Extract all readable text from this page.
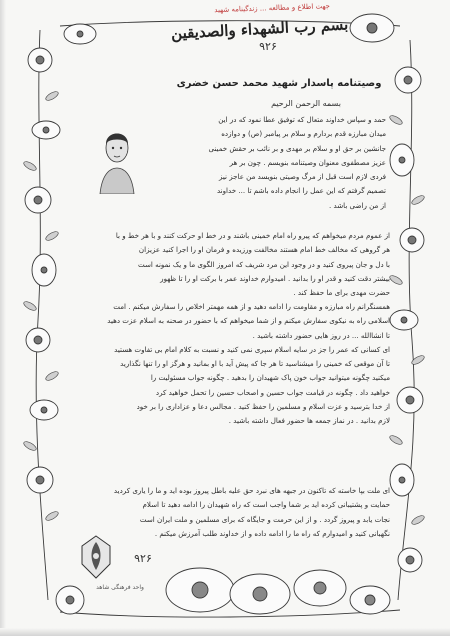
جهت اطلاع و مطالعه ... زندگینامه شهید
بسم رب الشهداء والصدیقین
۹۲۶
وصیتنامه پاسدار شهید محمد حسن خضری
بسمه الرحمن الرحیم
حمد و سپاس خداوند متعال که توفیق عطا نمود که در این
میدان مبارزه قدم بردارم و سلام بر پیامبر (ص) و دوازده
جانشین بر حق او و سلام بر مهدی و بر نائب بر حقش خمینی
عزیز مصطفوی معنوان وصیتنامه بنویسم . چون بر هر
فردی لازم است قبل از مرگ وصیتی بنویسد من عاجز نیز
تصمیم گرفتم که این عمل را انجام داده باشم تا ... خداوند
از من راضی باشد .
از عموم مردم میخواهم که پیرو راه امام خمینی باشند و در خط او حرکت کنند و با هر خط و با
هر گروهی که مخالف خط امام هستند مخالفت ورزیده و فرمان او را اجرا کنید عزیزان
با دل و جان پیروی کنید و در وجود این مرد شریف که امروز الگوی ما و یک نمونه است
بیشتر دقت کنید و قدر او را بدانید . امیدوارم خداوند عمر با برکت او را تا ظهور
حضرت مهدی برای ما حفظ کند .
همسنگرانم راه مبارزه و مقاومت را ادامه دهید و از همه مهمتر اخلاص را سفارش میکنم . امت
اسلامی راه به نیکوی سفارش میکنم و از شما میخواهم که با حضور در صحنه به اسلام عزت دهید
تا انشاالله ... در روز هایی حضور داشته باشید .
ای کسانی که عمر را جز در سایه اسلام سپری نمی کنید و نسبت به کلام امام بی تفاوت هستید
تا آن موقعی که خمینی را میشناسید تا هر جا که پیش آید با او بمانید و هرگز او را تنها نگذارید
میکنید چگونه میتوانید جواب خون پاک شهیدان را بدهید . چگونه جواب مسئولیت را
خواهید داد . چگونه در قیامت جواب حسین و اصحاب حسین را تحمل خواهید کرد
از خدا بترسید و عزت اسلام و مسلمین را حفظ کنید . مجالس دعا و عزاداری را بر خود
لازم بدانید . در نماز جمعه ها حضور فعال داشته باشید .
ای ملت بپا خاسته که تاکنون در جبهه های نبرد حق علیه باطل پیروز بوده اید و ما را یاری کردید
حمایت و پشتیبانی کرده اید بر شما واجب است که راه شهیدان را ادامه دهید تا اسلام
نجات یابد و پیروز گردد . و از این حرمت و جایگاه که برای مسلمین و ملت ایران است
نگهبانی کنید و امیدوارم که راه ما را ادامه داده و از خداوند طلب آمرزش میکنم .
۹۲۶
واحد فرهنگی شاهد
